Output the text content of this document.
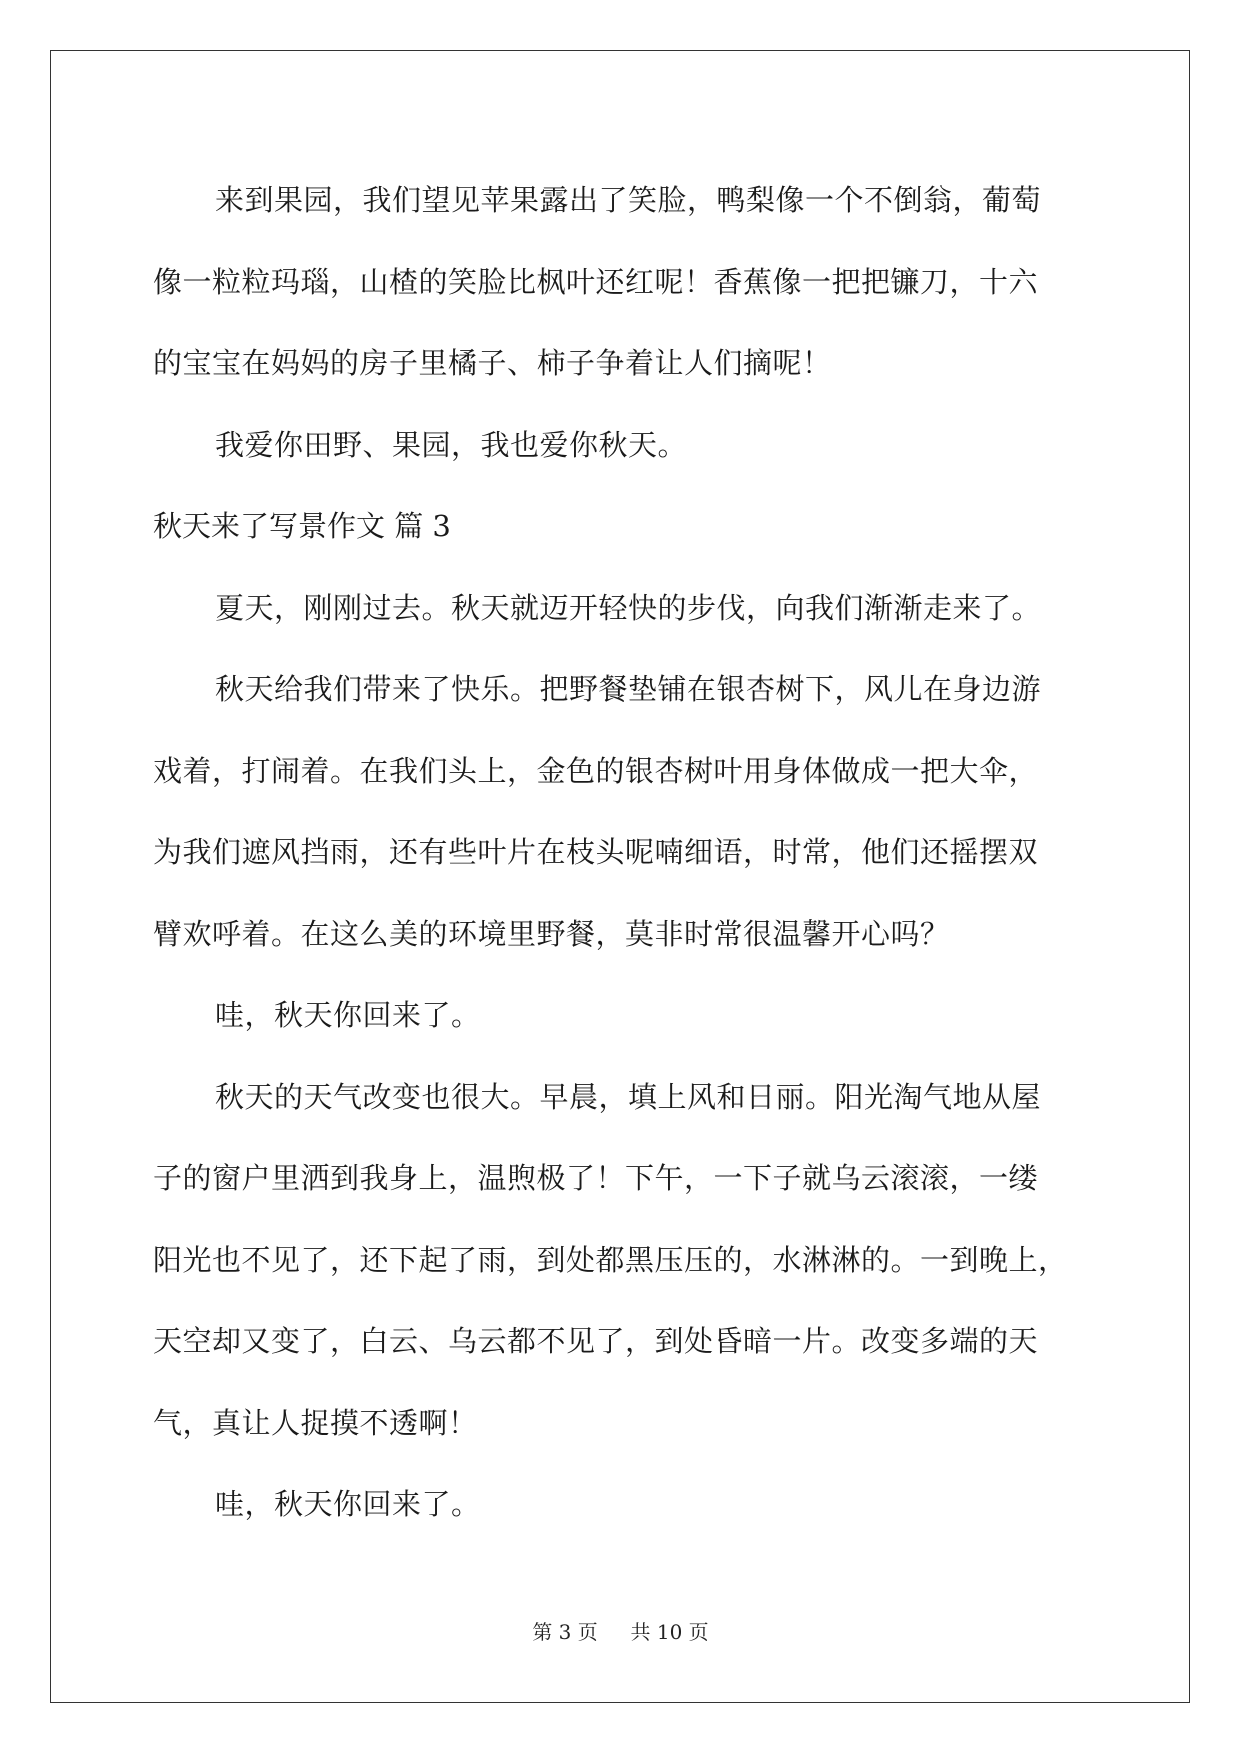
来到果园，我们望见苹果露出了笑脸，鸭梨像一个不倒翁，葡萄
像一粒粒玛瑙，山楂的笑脸比枫叶还红呢！香蕉像一把把镰刀，十六
的宝宝在妈妈的房子里橘子、柿子争着让人们摘呢！
我爱你田野、果园，我也爱你秋天。
秋天来了写景作文 篇 3
夏天，刚刚过去。秋天就迈开轻快的步伐，向我们渐渐走来了。
秋天给我们带来了快乐。把野餐垫铺在银杏树下，风儿在身边游
戏着，打闹着。在我们头上，金色的银杏树叶用身体做成一把大伞，
为我们遮风挡雨，还有些叶片在枝头呢喃细语，时常，他们还摇摆双
臂欢呼着。在这么美的环境里野餐，莫非时常很温馨开心吗？
哇，秋天你回来了。
秋天的天气改变也很大。早晨，填上风和日丽。阳光淘气地从屋
子的窗户里洒到我身上，温煦极了！下午，一下子就乌云滚滚，一缕
阳光也不见了，还下起了雨，到处都黑压压的，水淋淋的。一到晚上，
天空却又变了，白云、乌云都不见了，到处昏暗一片。改变多端的天
气，真让人捉摸不透啊！
哇，秋天你回来了。
第 3 页 共 10 页
